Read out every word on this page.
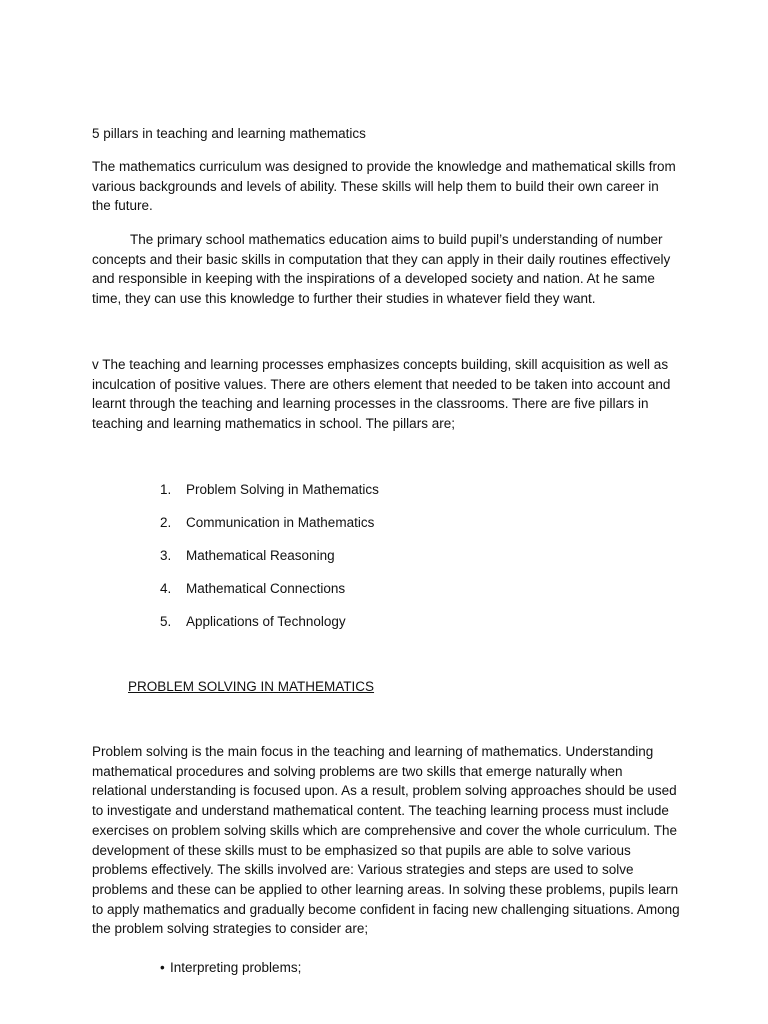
5 pillars in teaching and learning mathematics

The mathematics curriculum was designed to provide the knowledge and mathematical skills from various backgrounds and levels of ability. These skills will help them to build their own career in the future.

The primary school mathematics education aims to build pupil’s understanding of number concepts and their basic skills in computation that they can apply in their daily routines effectively and responsible in keeping with the inspirations of a developed society and nation. At he same time, they can use this knowledge to further their studies in whatever field they want.

v The teaching and learning processes emphasizes concepts building, skill acquisition as well as inculcation of positive values. There are others element that needed to be taken into account and learnt through the teaching and learning processes in the classrooms. There are five pillars in teaching and learning mathematics in school. The pillars are;

1. Problem Solving in Mathematics
2. Communication in Mathematics
3. Mathematical Reasoning
4. Mathematical Connections
5. Applications of Technology
PROBLEM SOLVING IN MATHEMATICS

Problem solving is the main focus in the teaching and learning of mathematics. Understanding mathematical procedures and solving problems are two skills that emerge naturally when relational understanding is focused upon. As a result, problem solving approaches should be used to investigate and understand mathematical content. The teaching learning process must include exercises on problem solving skills which are comprehensive and cover the whole curriculum. The development of these skills must to be emphasized so that pupils are able to solve various problems effectively. The skills involved are: Various strategies and steps are used to solve problems and these can be applied to other learning areas. In solving these problems, pupils learn to apply mathematics and gradually become confident in facing new challenging situations. Among the problem solving strategies to consider are;

• Interpreting problems;
